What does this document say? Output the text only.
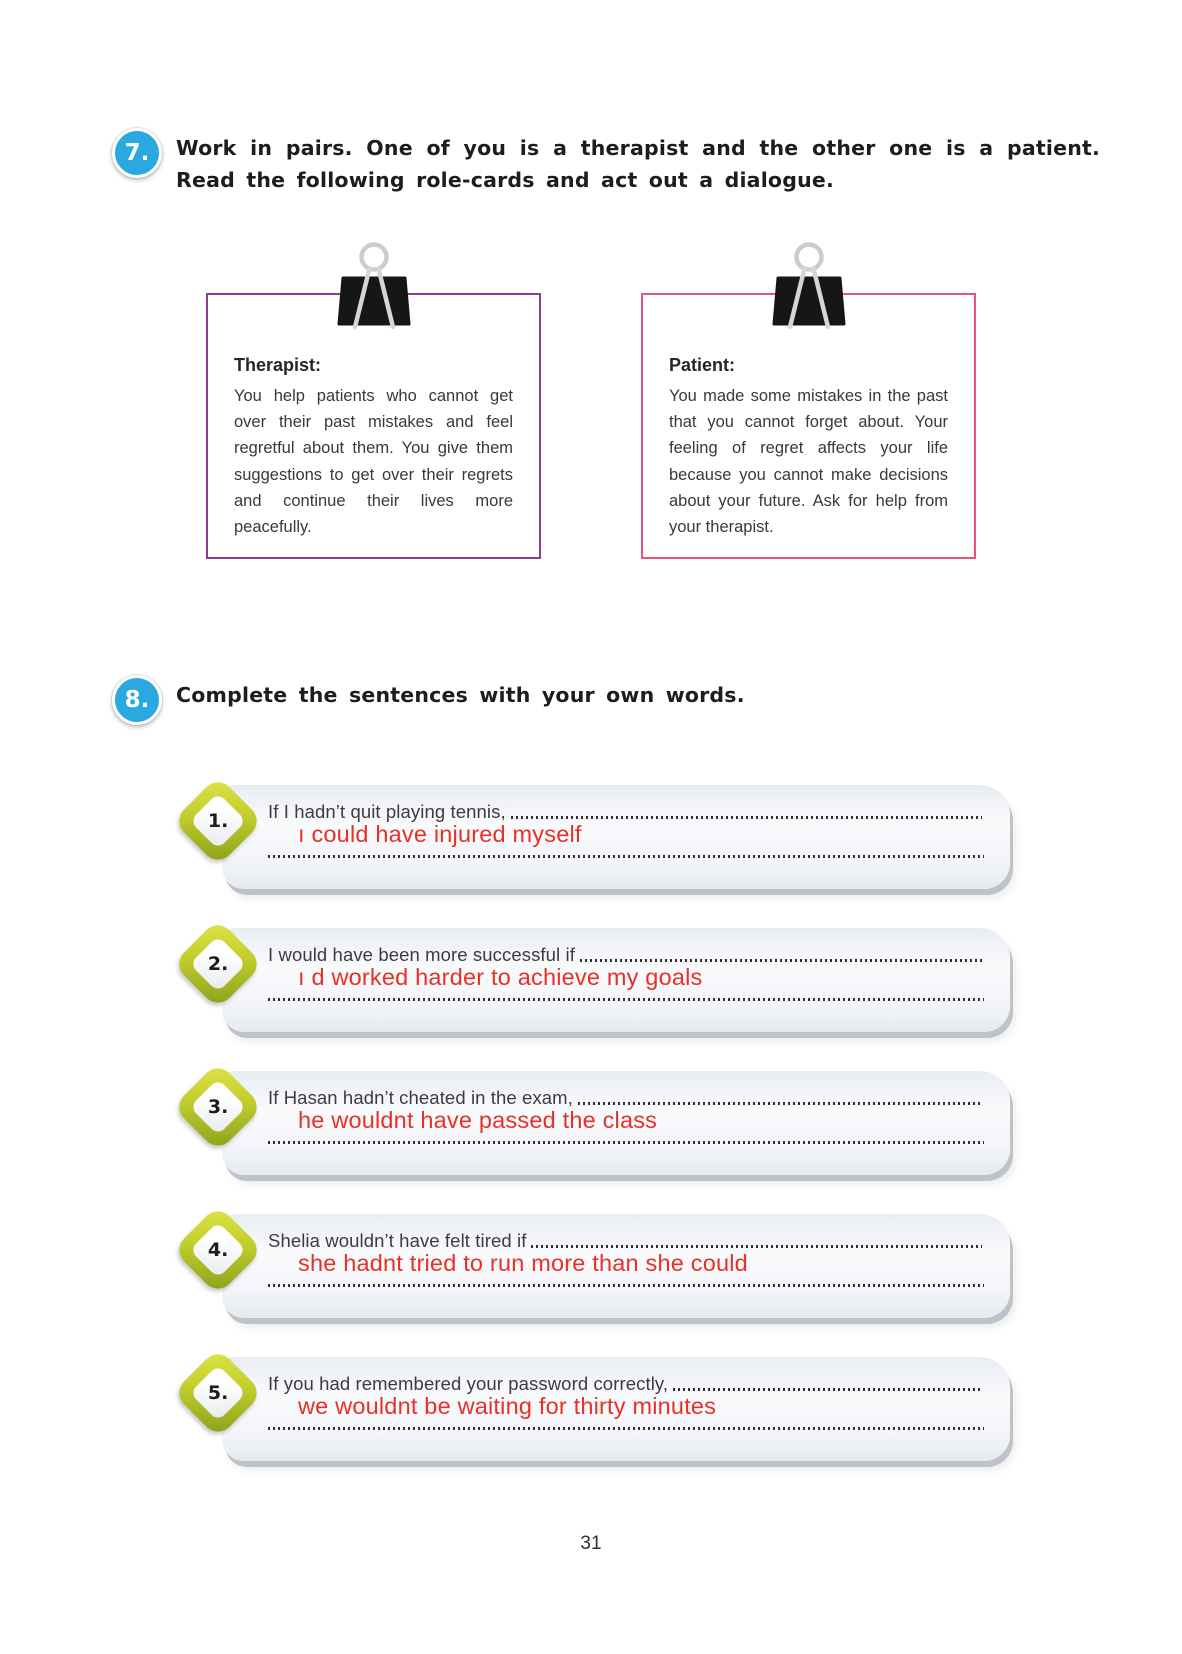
7.	Work in pairs. One of you is a therapist and the other one is a patient.
Read the following role-cards and act out a dialogue.
Therapist:
You help patients who cannot get over their past mistakes and feel regretful about them. You give them suggestions to get over their regrets and continue their lives more peacefully.
Patient:
You made some mistakes in the past that you cannot forget about. Your feeling of regret affects your life because you cannot make decisions about your future. Ask for help from your therapist.
8.	Complete the sentences with your own words.
If I hadn’t quit playing tennis,
ı could have injured myself
1.
I would have been more successful if
ı d worked harder to achieve my goals
2.
If Hasan hadn’t cheated in the exam,
he wouldnt have passed the class
3.
Shelia wouldn’t have felt tired if
she hadnt tried to run more than she could
4.
If you had remembered your password correctly,
we wouldnt be waiting for thirty minutes
5.
31
